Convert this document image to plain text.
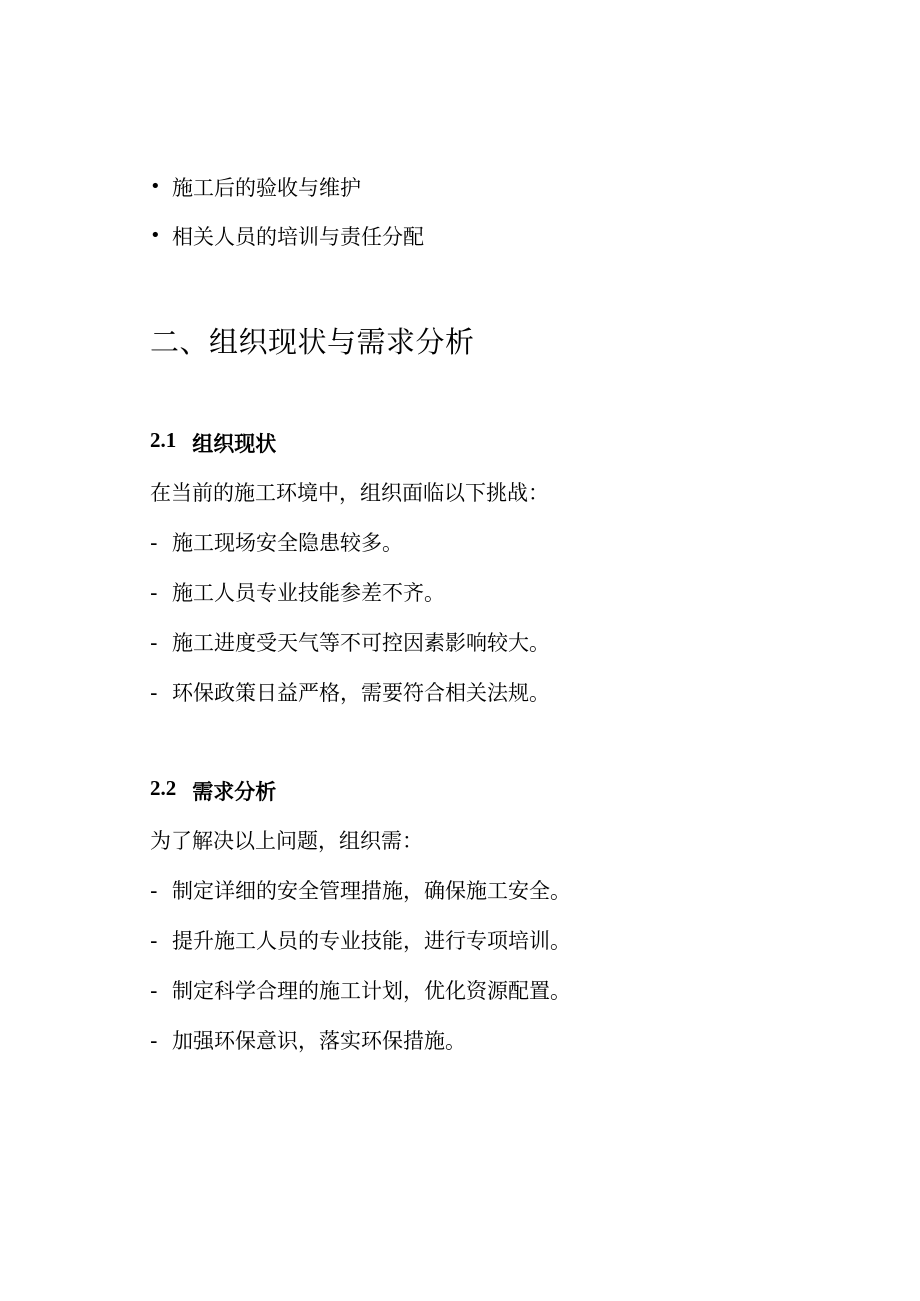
• 施工后的验收与维护
• 相关人员的培训与责任分配
二、组织现状与需求分析
2.1 组织现状
在当前的施工环境中，组织面临以下挑战：
- 施工现场安全隐患较多。
- 施工人员专业技能参差不齐。
- 施工进度受天气等不可控因素影响较大。
- 环保政策日益严格，需要符合相关法规。
2.2 需求分析
为了解决以上问题，组织需：
- 制定详细的安全管理措施，确保施工安全。
- 提升施工人员的专业技能，进行专项培训。
- 制定科学合理的施工计划，优化资源配置。
- 加强环保意识，落实环保措施。
